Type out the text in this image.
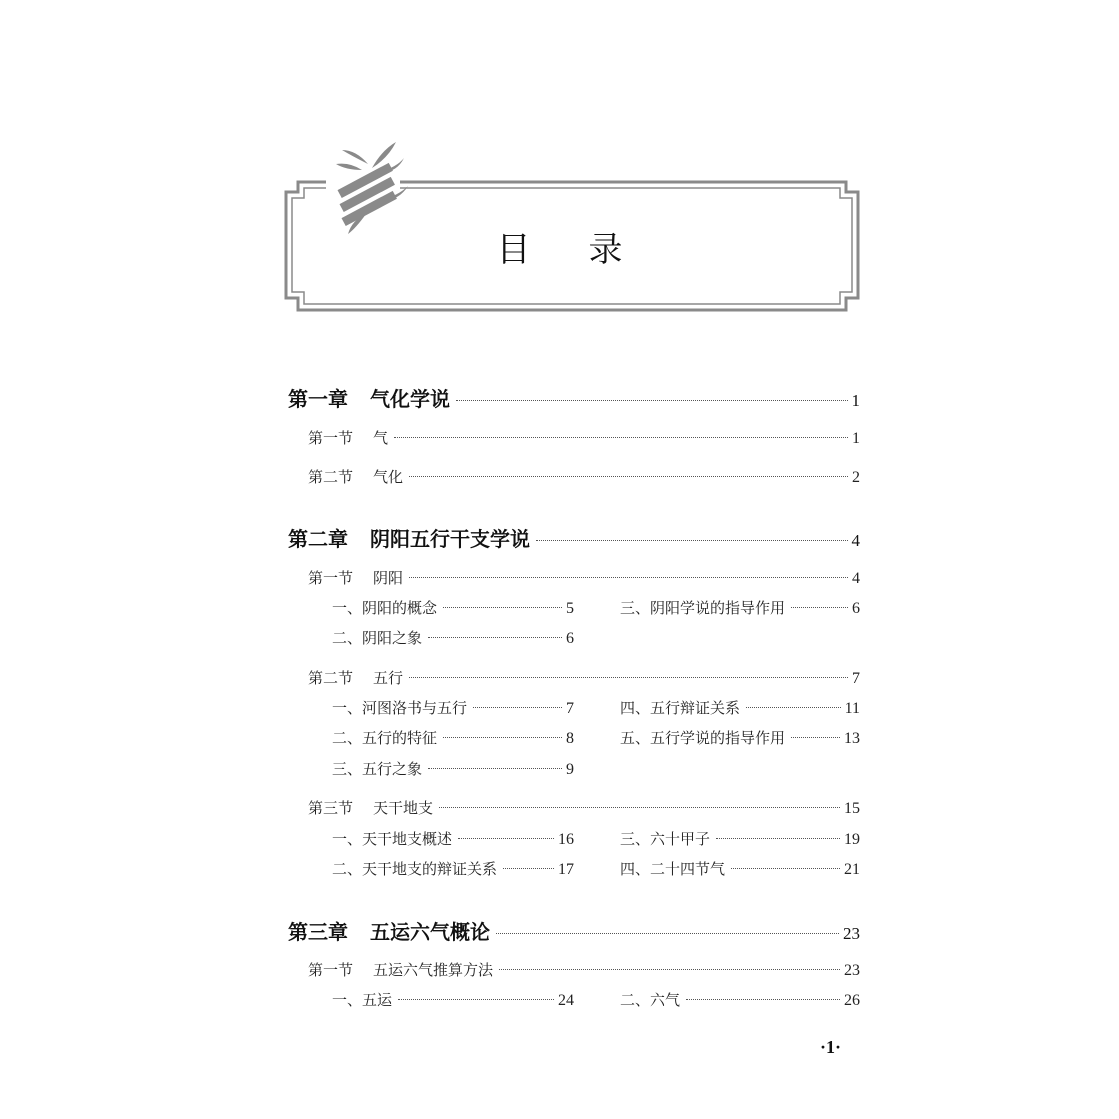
目 录
第一章 气化学说	1
第一节 气	1
第二节 气化	2
第二章 阴阳五行干支学说	4
第一节 阴阳	4
一、阴阳的概念	5	三、阴阳学说的指导作用	6
二、阴阳之象	6
第二节 五行	7
一、河图洛书与五行	7	四、五行辩证关系	11
二、五行的特征	8	五、五行学说的指导作用	13
三、五行之象	9
第三节 天干地支	15
一、天干地支概述	16	三、六十甲子	19
二、天干地支的辩证关系	17	四、二十四节气	21
第三章 五运六气概论	23
第一节 五运六气推算方法	23
一、五运	24	二、六气	26
·1·
